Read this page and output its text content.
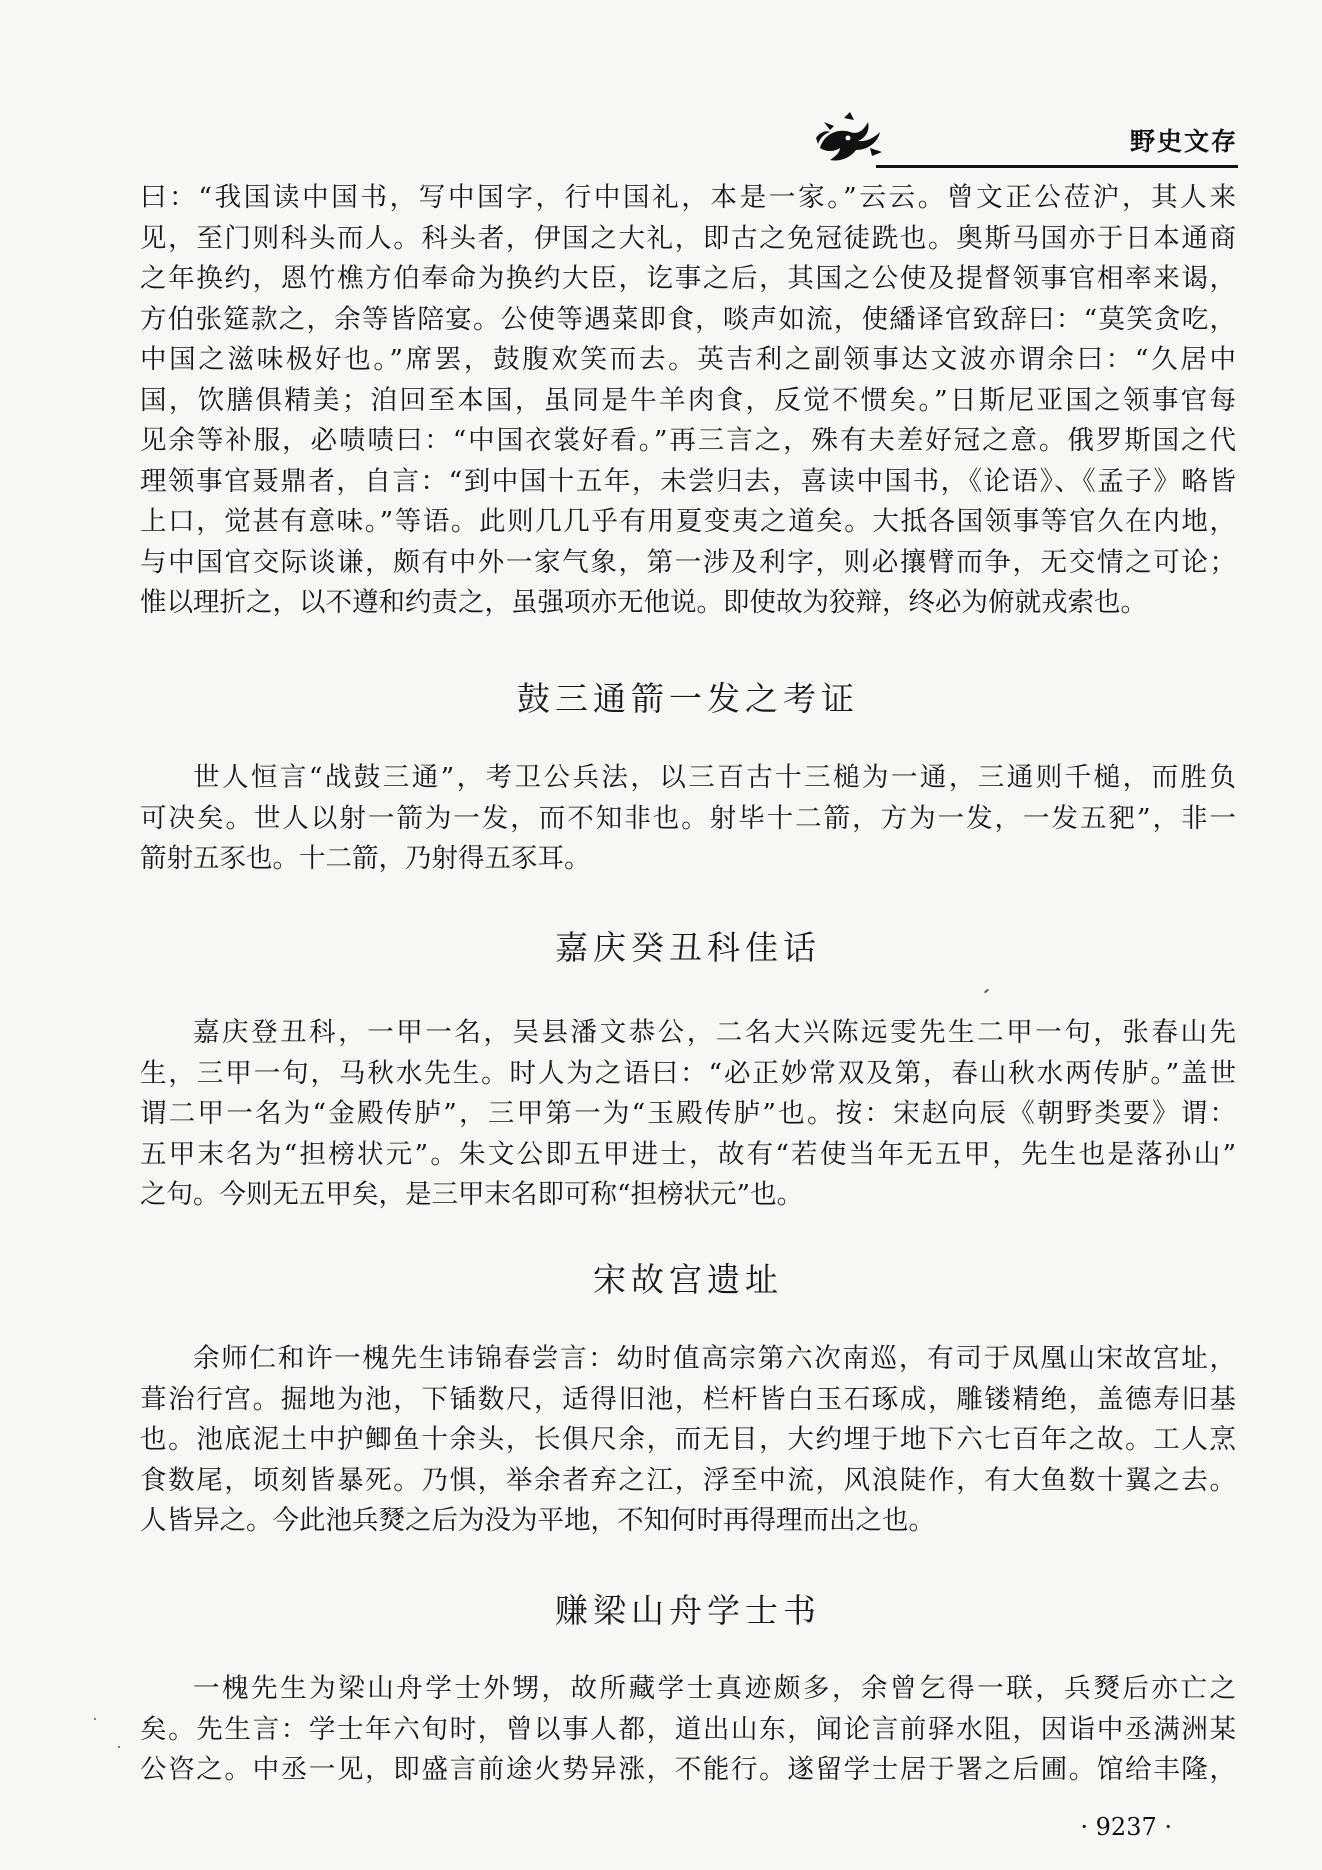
野史文存
曰：“我国读中国书，写中国字，行中国礼，本是一家。”云云。曾文正公莅沪，其人来
见，至门则科头而人。科头者，伊国之大礼，即古之免冠徒跣也。奥斯马国亦于日本通商
之年换约，恩竹樵方伯奉命为换约大臣，讫事之后，其国之公使及提督领事官相率来谒，
方伯张筵款之，余等皆陪宴。公使等遇菜即食，啖声如流，使繙译官致辞曰：“莫笑贪吃，
中国之滋味极好也。”席罢，鼓腹欢笑而去。英吉利之副领事达文波亦谓余曰：“久居中
国，饮膳俱精美；洎回至本国，虽同是牛羊肉食，反觉不惯矣。”日斯尼亚国之领事官每
见余等补服，必啧啧曰：“中国衣裳好看。”再三言之，殊有夫差好冠之意。俄罗斯国之代
理领事官聂鼎者，自言：“到中国十五年，未尝归去，喜读中国书，《论语》、《孟子》略皆
上口，觉甚有意味。”等语。此则几几乎有用夏变夷之道矣。大抵各国领事等官久在内地，
与中国官交际谈谦，颇有中外一家气象，第一涉及利字，则必攘臂而争，无交情之可论；
惟以理折之，以不遵和约责之，虽强项亦无他说。即使故为狡辩，终必为俯就戎索也。
鼓三通箭一发之考证
世人恒言“战鼓三通”，考卫公兵法，以三百古十三槌为一通，三通则千槌，而胜负
可决矣。世人以射一箭为一发，而不知非也。射毕十二箭，方为一发，一发五豝”，非一
箭射五豕也。十二箭，乃射得五豕耳。
嘉庆癸丑科佳话
嘉庆登丑科，一甲一名，吴县潘文恭公，二名大兴陈远雯先生二甲一句，张春山先
生，三甲一句，马秋水先生。时人为之语曰：“必正妙常双及第，春山秋水两传胪。”盖世
谓二甲一名为“金殿传胪”，三甲第一为“玉殿传胪”也。按：宋赵向辰《朝野类要》谓：
五甲末名为“担榜状元”。朱文公即五甲进士，故有“若使当年无五甲，先生也是落孙山”
之句。今则无五甲矣，是三甲末名即可称“担榜状元”也。
宋故宫遗址
余师仁和许一槐先生讳锦春尝言：幼时值高宗第六次南巡，有司于凤凰山宋故宫址，
葺治行宫。掘地为池，下锸数尺，适得旧池，栏杆皆白玉石琢成，雕镂精绝，盖德寿旧基
也。池底泥土中护鲫鱼十余头，长俱尺余，而无目，大约埋于地下六七百年之故。工人烹
食数尾，顷刻皆暴死。乃惧，举余者弃之江，浮至中流，风浪陡作，有大鱼数十翼之去。
人皆异之。今此池兵燹之后为没为平地，不知何时再得理而出之也。
赚梁山舟学士书
一槐先生为梁山舟学士外甥，故所藏学士真迹颇多，余曾乞得一联，兵燹后亦亡之
矣。先生言：学士年六旬时，曾以事人都，道出山东，闻论言前驿水阻，因诣中丞满洲某
公咨之。中丞一见，即盛言前途火势异涨，不能行。遂留学士居于署之后圃。馆给丰隆，
· 9237 ·
